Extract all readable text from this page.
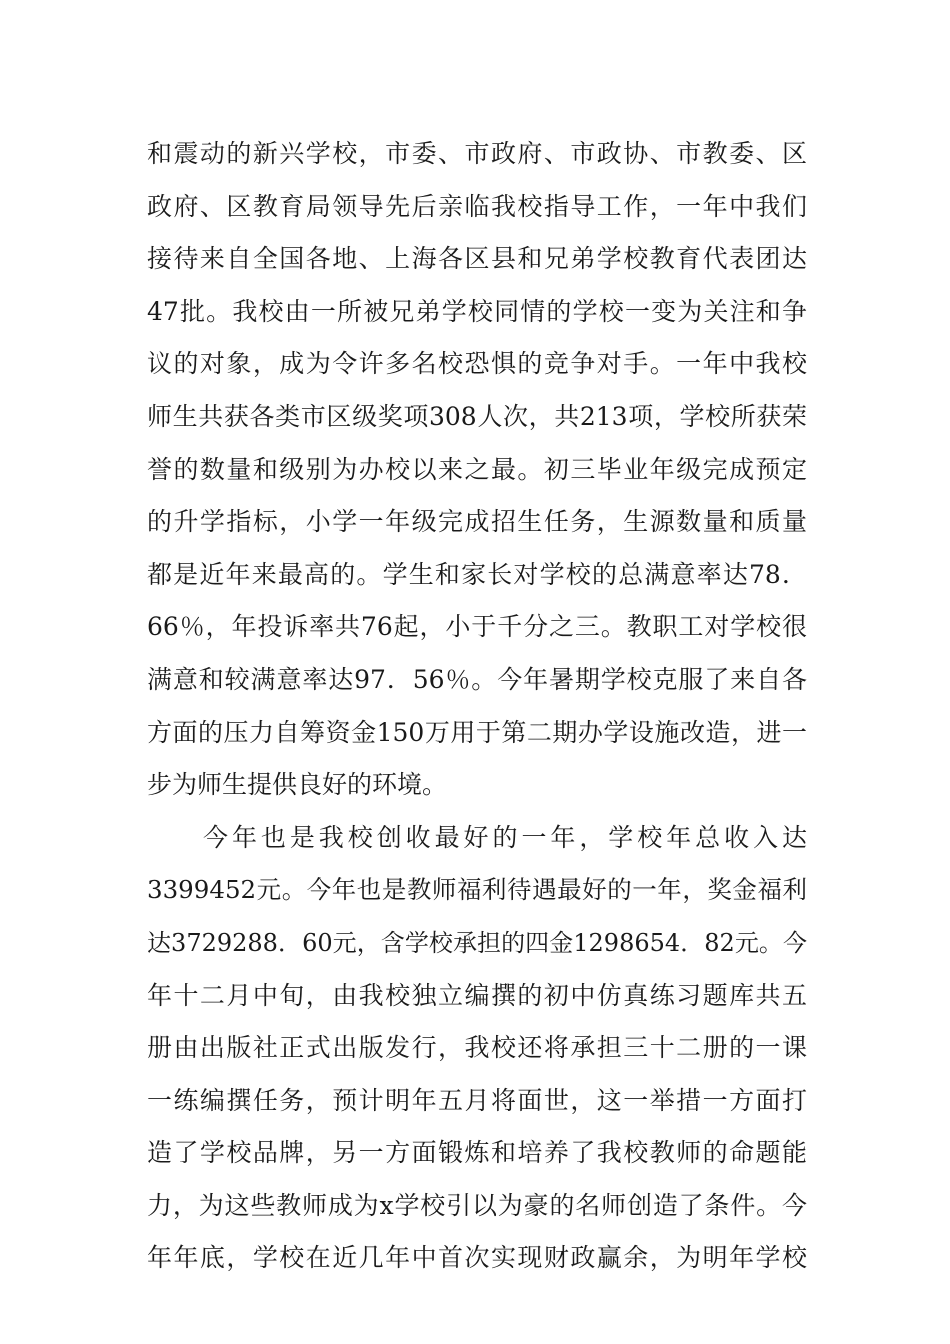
和震动的新兴学校，市委、市政府、市政协、市教委、区
政府、区教育局领导先后亲临我校指导工作，一年中我们
接待来自全国各地、上海各区县和兄弟学校教育代表团达
47批。我校由一所被兄弟学校同情的学校一变为关注和争
议的对象，成为令许多名校恐惧的竞争对手。一年中我校
师生共获各类市区级奖项308人次，共213项，学校所获荣
誉的数量和级别为办校以来之最。初三毕业年级完成预定
的升学指标，小学一年级完成招生任务，生源数量和质量
都是近年来最高的。学生和家长对学校的总满意率达78．
66％，年投诉率共76起，小于千分之三。教职工对学校很
满意和较满意率达97．56％。今年暑期学校克服了来自各
方面的压力自筹资金150万用于第二期办学设施改造，进一
步为师生提供良好的环境。
今年也是我校创收最好的一年，学校年总收入达
3399452元。今年也是教师福利待遇最好的一年，奖金福利
达3729288．60元，含学校承担的四金1298654．82元。今
年十二月中旬，由我校独立编撰的初中仿真练习题库共五
册由出版社正式出版发行，我校还将承担三十二册的一课
一练编撰任务，预计明年五月将面世，这一举措一方面打
造了学校品牌，另一方面锻炼和培养了我校教师的命题能
力，为这些教师成为x学校引以为豪的名师创造了条件。今
年年底，学校在近几年中首次实现财政赢余，为明年学校
